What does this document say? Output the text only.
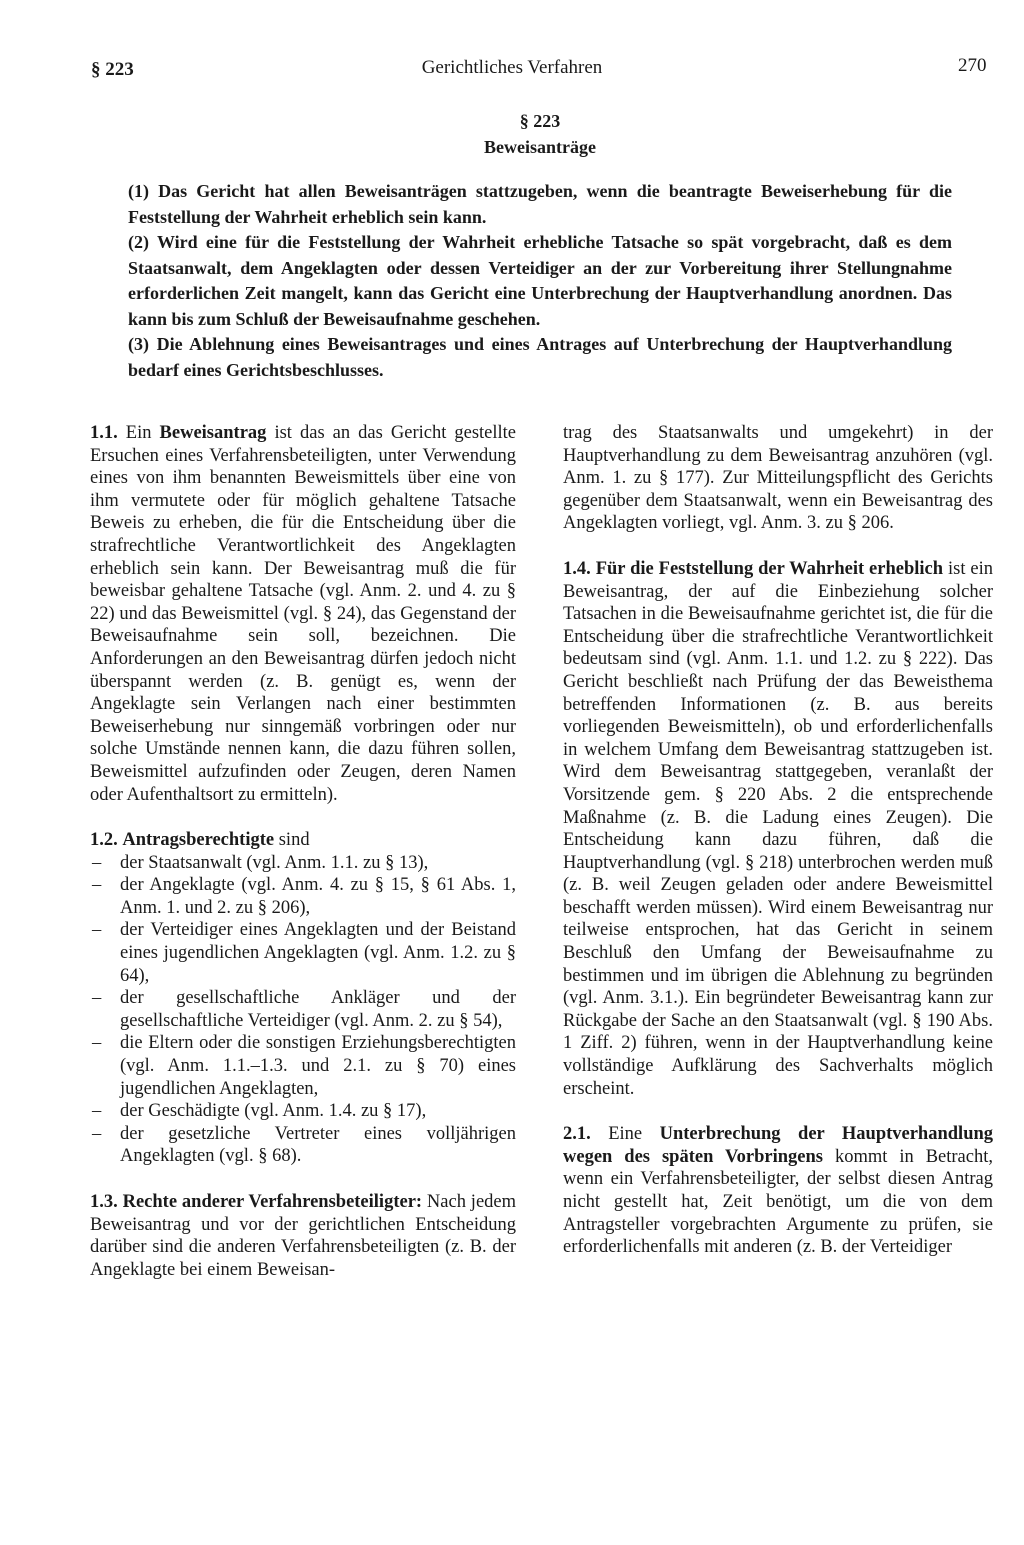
§ 223	Gerichtliches Verfahren	270
§ 223
Beweisanträge

(1) Das Gericht hat allen Beweisanträgen stattzugeben, wenn die beantragte Beweiserhebung für die Feststellung der Wahrheit erheblich sein kann.

(2) Wird eine für die Feststellung der Wahrheit erhebliche Tatsache so spät vorgebracht, daß es dem Staatsanwalt, dem Angeklagten oder dessen Verteidiger an der zur Vorbereitung ihrer Stellungnahme erforderlichen Zeit mangelt, kann das Gericht eine Unterbrechung der Hauptverhandlung anordnen. Das kann bis zum Schluß der Beweisaufnahme geschehen.

(3) Die Ablehnung eines Beweisantrages und eines Antrages auf Unterbrechung der Hauptverhandlung bedarf eines Gerichtsbeschlusses.

1.1. Ein Beweisantrag ist das an das Gericht gestellte Ersuchen eines Verfahrensbeteiligten, unter Verwendung eines von ihm benannten Beweismittels über eine von ihm vermutete oder für möglich gehaltene Tatsache Beweis zu erheben, die für die Entscheidung über die strafrechtliche Verantwortlichkeit des Angeklagten erheblich sein kann. Der Beweisantrag muß die für beweisbar gehaltene Tatsache (vgl. Anm. 2. und 4. zu § 22) und das Beweismittel (vgl. § 24), das Gegenstand der Beweisaufnahme sein soll, bezeichnen. Die Anforderungen an den Beweisantrag dürfen jedoch nicht überspannt werden (z. B. genügt es, wenn der Angeklagte sein Verlangen nach einer bestimmten Beweiserhebung nur sinngemäß vorbringen oder nur solche Umstände nennen kann, die dazu führen sollen, Beweismittel aufzufinden oder Zeugen, deren Namen oder Aufenthaltsort zu ermitteln).

1.2. Antragsberechtigte sind

– der Staatsanwalt (vgl. Anm. 1.1. zu § 13),
– der Angeklagte (vgl. Anm. 4. zu § 15, § 61 Abs. 1, Anm. 1. und 2. zu § 206),
– der Verteidiger eines Angeklagten und der Beistand eines jugendlichen Angeklagten (vgl. Anm. 1.2. zu § 64),
– der gesellschaftliche Ankläger und der gesellschaftliche Verteidiger (vgl. Anm. 2. zu § 54),
– die Eltern oder die sonstigen Erziehungsberechtigten (vgl. Anm. 1.1.–1.3. und 2.1. zu § 70) eines jugendlichen Angeklagten,
– der Geschädigte (vgl. Anm. 1.4. zu § 17),
– der gesetzliche Vertreter eines volljährigen Angeklagten (vgl. § 68).

1.3. Rechte anderer Verfahrensbeteiligter: Nach jedem Beweisantrag und vor der gerichtlichen Entscheidung darüber sind die anderen Verfahrensbeteiligten (z. B. der Angeklagte bei einem Beweisan-

trag des Staatsanwalts und umgekehrt) in der Hauptverhandlung zu dem Beweisantrag anzuhören (vgl. Anm. 1. zu § 177). Zur Mitteilungspflicht des Gerichts gegenüber dem Staatsanwalt, wenn ein Beweisantrag des Angeklagten vorliegt, vgl. Anm. 3. zu § 206.

1.4. Für die Feststellung der Wahrheit erheblich ist ein Beweisantrag, der auf die Einbeziehung solcher Tatsachen in die Beweisaufnahme gerichtet ist, die für die Entscheidung über die strafrechtliche Verantwortlichkeit bedeutsam sind (vgl. Anm. 1.1. und 1.2. zu § 222). Das Gericht beschließt nach Prüfung der das Beweisthema betreffenden Informationen (z. B. aus bereits vorliegenden Beweismitteln), ob und erforderlichenfalls in welchem Umfang dem Beweisantrag stattzugeben ist. Wird dem Beweisantrag stattgegeben, veranlaßt der Vorsitzende gem. § 220 Abs. 2 die entsprechende Maßnahme (z. B. die Ladung eines Zeugen). Die Entscheidung kann dazu führen, daß die Hauptverhandlung (vgl. § 218) unterbrochen werden muß (z. B. weil Zeugen geladen oder andere Beweismittel beschafft werden müssen). Wird einem Beweisantrag nur teilweise entsprochen, hat das Gericht in seinem Beschluß den Umfang der Beweisaufnahme zu bestimmen und im übrigen die Ablehnung zu begründen (vgl. Anm. 3.1.). Ein begründeter Beweisantrag kann zur Rückgabe der Sache an den Staatsanwalt (vgl. § 190 Abs. 1 Ziff. 2) führen, wenn in der Hauptverhandlung keine vollständige Aufklärung des Sachverhalts möglich erscheint.

2.1. Eine Unterbrechung der Hauptverhandlung wegen des späten Vorbringens kommt in Betracht, wenn ein Verfahrensbeteiligter, der selbst diesen Antrag nicht gestellt hat, Zeit benötigt, um die von dem Antragsteller vorgebrachten Argumente zu prüfen, sie erforderlichenfalls mit anderen (z. B. der Verteidiger
